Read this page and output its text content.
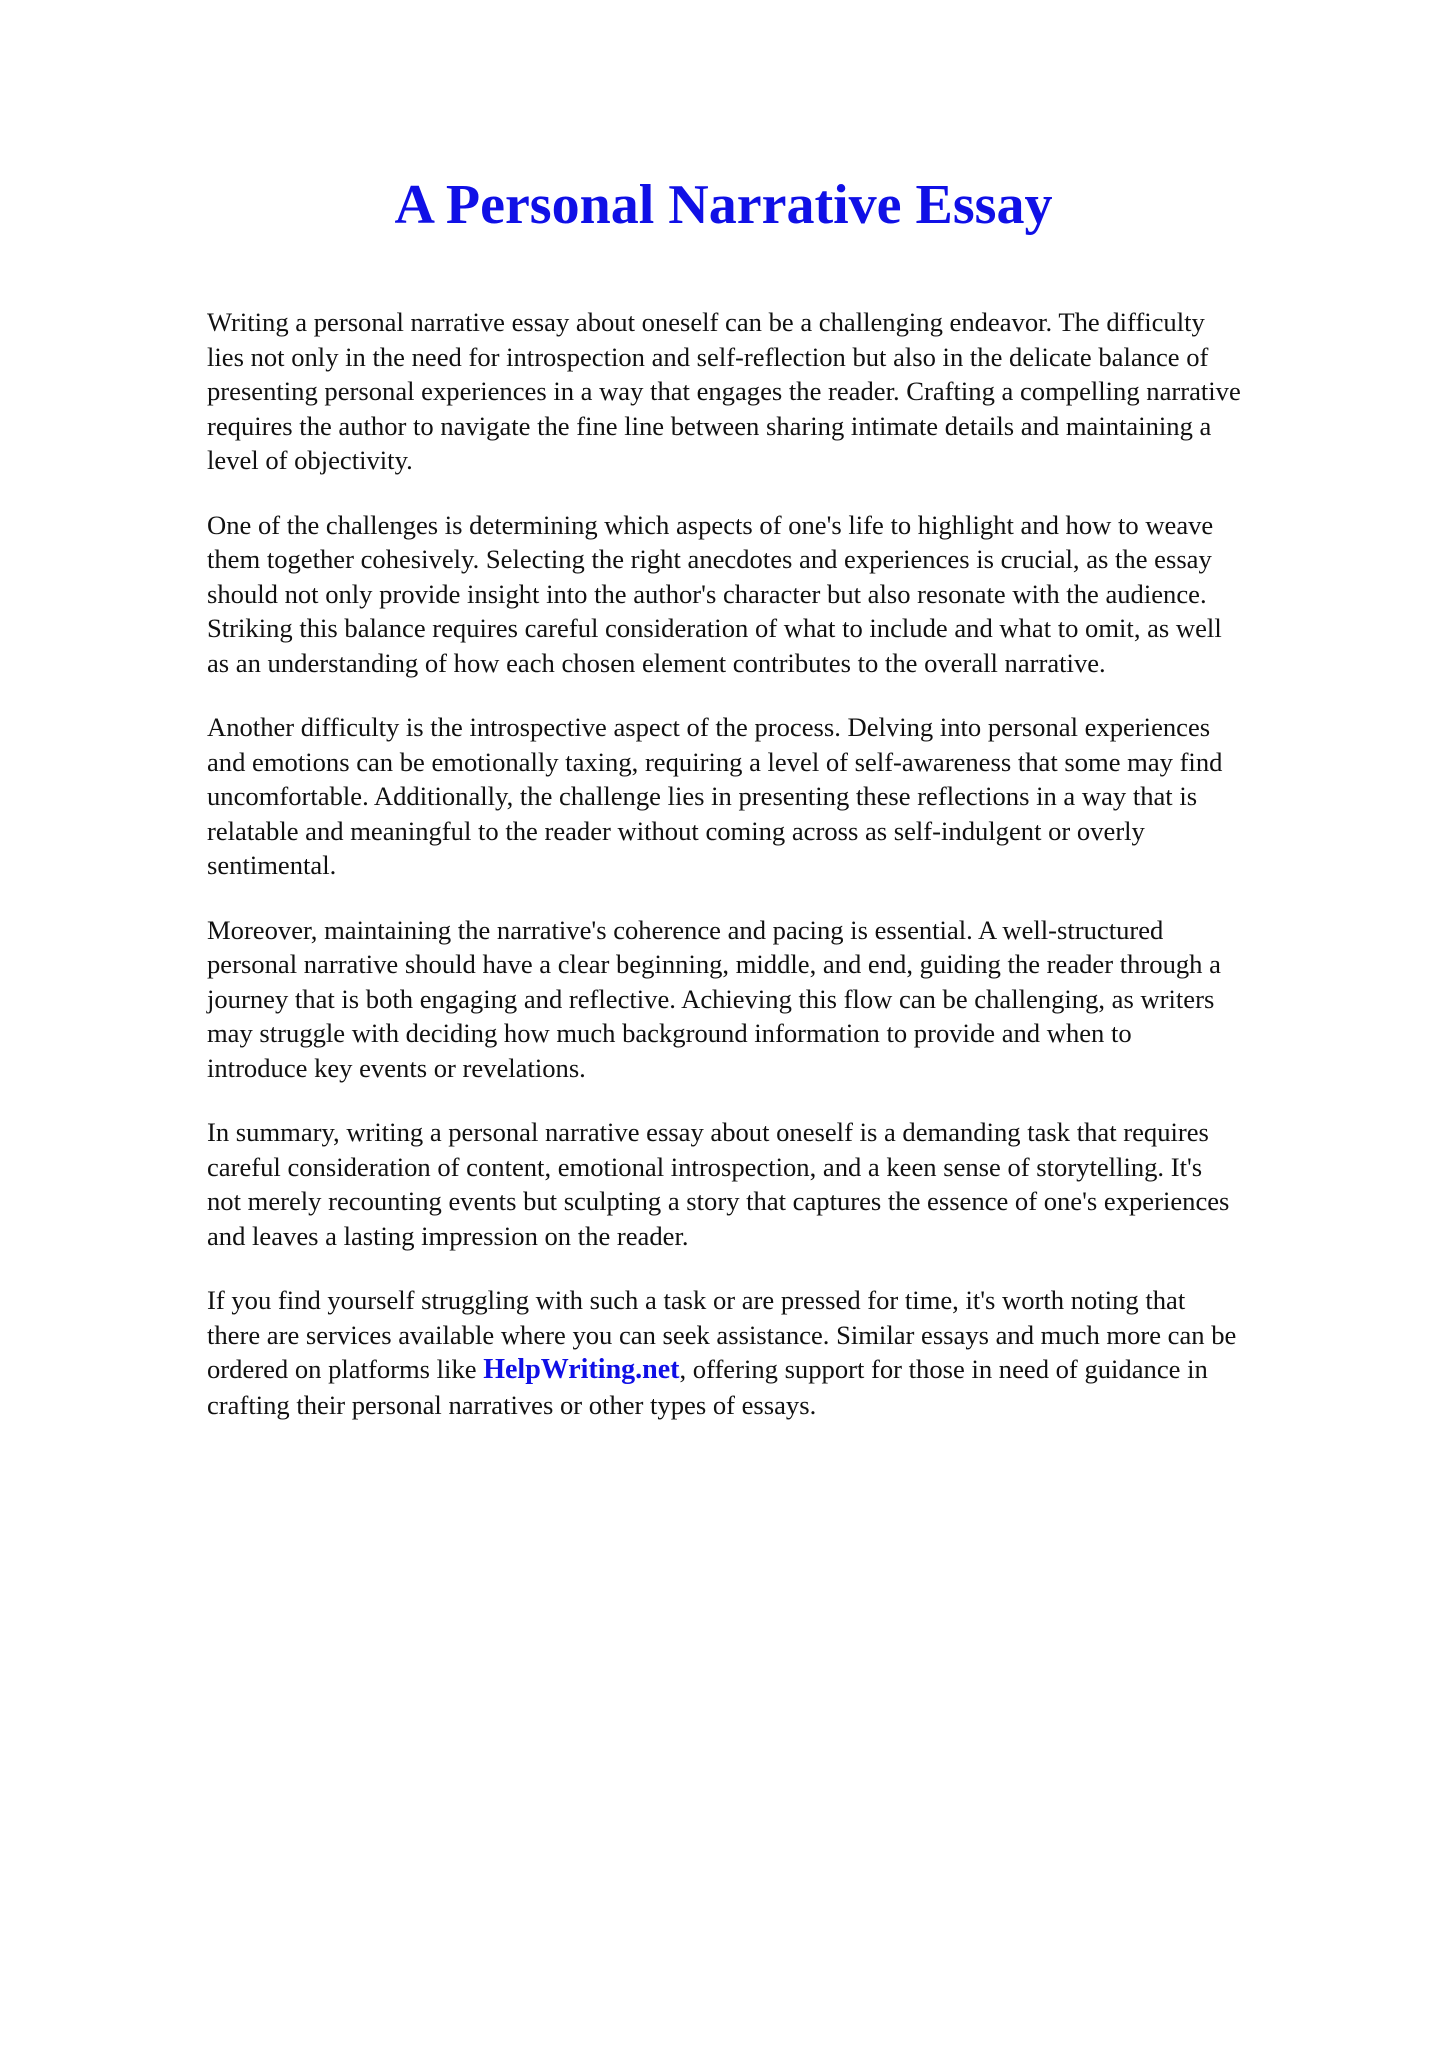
A Personal Narrative Essay

Writing a personal narrative essay about oneself can be a challenging endeavor. The difficulty
lies not only in the need for introspection and self-reflection but also in the delicate balance of
presenting personal experiences in a way that engages the reader. Crafting a compelling narrative
requires the author to navigate the fine line between sharing intimate details and maintaining a
level of objectivity.

One of the challenges is determining which aspects of one's life to highlight and how to weave
them together cohesively. Selecting the right anecdotes and experiences is crucial, as the essay
should not only provide insight into the author's character but also resonate with the audience.
Striking this balance requires careful consideration of what to include and what to omit, as well
as an understanding of how each chosen element contributes to the overall narrative.

Another difficulty is the introspective aspect of the process. Delving into personal experiences
and emotions can be emotionally taxing, requiring a level of self-awareness that some may find
uncomfortable. Additionally, the challenge lies in presenting these reflections in a way that is
relatable and meaningful to the reader without coming across as self-indulgent or overly
sentimental.

Moreover, maintaining the narrative's coherence and pacing is essential. A well-structured
personal narrative should have a clear beginning, middle, and end, guiding the reader through a
journey that is both engaging and reflective. Achieving this flow can be challenging, as writers
may struggle with deciding how much background information to provide and when to
introduce key events or revelations.

In summary, writing a personal narrative essay about oneself is a demanding task that requires
careful consideration of content, emotional introspection, and a keen sense of storytelling. It's
not merely recounting events but sculpting a story that captures the essence of one's experiences
and leaves a lasting impression on the reader.

If you find yourself struggling with such a task or are pressed for time, it's worth noting that
there are services available where you can seek assistance. Similar essays and much more can be
ordered on platforms like HelpWriting.net, offering support for those in need of guidance in
crafting their personal narratives or other types of essays.
